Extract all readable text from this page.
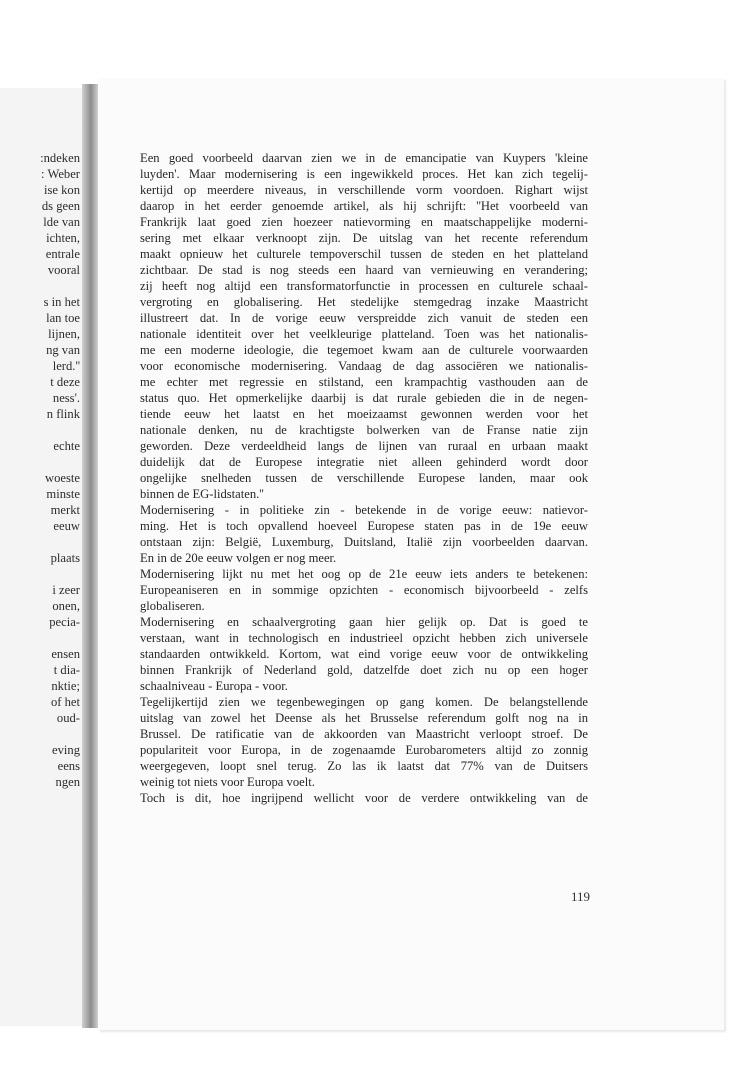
:ndeken
: Weber
ise kon
ds geen
lde van
ichten,
entrale
vooral
s in het
lan toe
lijnen,
ng van
lerd.''
t deze
ness'.
n flink
echte
woeste
minste
merkt
eeuw
plaats
i zeer
onen,
pecia-
ensen
t dia-
nktie;
of het
oud-
eving
eens
ngen
Een goed voorbeeld daarvan zien we in de emancipatie van Kuypers 'kleine
luyden'. Maar modernisering is een ingewikkeld proces. Het kan zich tegelij-
kertijd op meerdere niveaus, in verschillende vorm voordoen. Righart wijst
daarop in het eerder genoemde artikel, als hij schrijft: ''Het voorbeeld van
Frankrijk laat goed zien hoezeer natievorming en maatschappelijke moderni-
sering met elkaar verknoopt zijn. De uitslag van het recente referendum
maakt opnieuw het culturele tempoverschil tussen de steden en het platteland
zichtbaar. De stad is nog steeds een haard van vernieuwing en verandering;
zij heeft nog altijd een transformatorfunctie in processen en culturele schaal-
vergroting en globalisering. Het stedelijke stemgedrag inzake Maastricht
illustreert dat. In de vorige eeuw verspreidde zich vanuit de steden een
nationale identiteit over het veelkleurige platteland. Toen was het nationalis-
me een moderne ideologie, die tegemoet kwam aan de culturele voorwaarden
voor economische modernisering. Vandaag de dag associëren we nationalis-
me echter met regressie en stilstand, een krampachtig vasthouden aan de
status quo. Het opmerkelijke daarbij is dat rurale gebieden die in de negen-
tiende eeuw het laatst en het moeizaamst gewonnen werden voor het
nationale denken, nu de krachtigste bolwerken van de Franse natie zijn
geworden. Deze verdeeldheid langs de lijnen van ruraal en urbaan maakt
duidelijk dat de Europese integratie niet alleen gehinderd wordt door
ongelijke snelheden tussen de verschillende Europese landen, maar ook
binnen de EG-lidstaten.''
Modernisering - in politieke zin - betekende in de vorige eeuw: natievor-
ming. Het is toch opvallend hoeveel Europese staten pas in de 19e eeuw
ontstaan zijn: België, Luxemburg, Duitsland, Italië zijn voorbeelden daarvan.
En in de 20e eeuw volgen er nog meer.
Modernisering lijkt nu met het oog op de 21e eeuw iets anders te betekenen:
Europeaniseren en in sommige opzichten - economisch bijvoorbeeld - zelfs
globaliseren.
Modernisering en schaalvergroting gaan hier gelijk op. Dat is goed te
verstaan, want in technologisch en industrieel opzicht hebben zich universele
standaarden ontwikkeld. Kortom, wat eind vorige eeuw voor de ontwikkeling
binnen Frankrijk of Nederland gold, datzelfde doet zich nu op een hoger
schaalniveau - Europa - voor.
Tegelijkertijd zien we tegenbewegingen op gang komen. De belangstellende
uitslag van zowel het Deense als het Brusselse referendum golft nog na in
Brussel. De ratificatie van de akkoorden van Maastricht verloopt stroef. De
populariteit voor Europa, in de zogenaamde Eurobarometers altijd zo zonnig
weergegeven, loopt snel terug. Zo las ik laatst dat 77% van de Duitsers
weinig tot niets voor Europa voelt.
Toch is dit, hoe ingrijpend wellicht voor de verdere ontwikkeling van de
119
